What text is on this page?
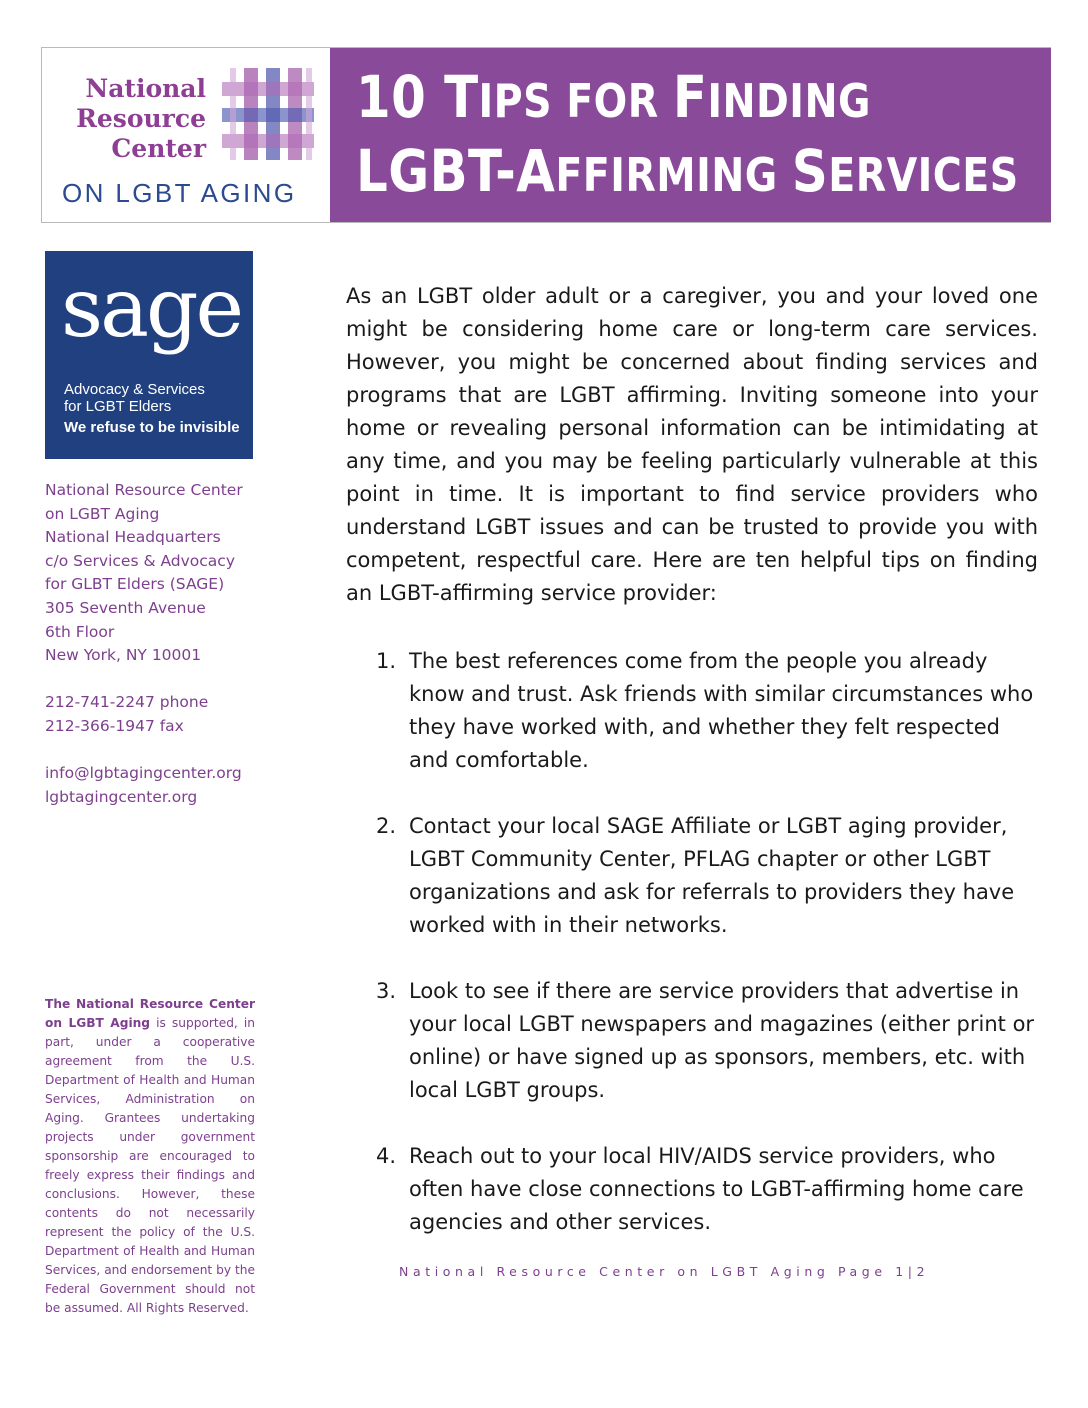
National
Resource
Center
ON LGBT AGING
10 TIPS FOR FINDING
LGBT-AFFIRMING SERVICES
sage
Advocacy & Services
for LGBT Elders
We refuse to be invisible
National Resource Center
on LGBT Aging
National Headquarters
c/o Services & Advocacy
for GLBT Elders (SAGE)
305 Seventh Avenue
6th Floor
New York, NY 10001
212-741-2247 phone
212-366-1947 fax
info@lgbtagingcenter.org
lgbtagingcenter.org
The National Resource Center on LGBT Aging is supported, in part, under a cooperative agreement from the U.S. Department of Health and Human Services, Administration on Aging. Grantees undertaking projects under government sponsorship are encouraged to freely express their findings and conclusions. However, these contents do not necessarily represent the policy of the U.S. Department of Health and Human Services, and endorsement by the Federal Government should not be assumed. All Rights Reserved.
As an LGBT older adult or a caregiver, you and your loved one might be considering home care or long-term care services. However, you might be concerned about finding services and programs that are LGBT affirming. Inviting someone into your home or revealing personal information can be intimidating at any time, and you may be feeling particularly vulnerable at this point in time. It is important to find service providers who understand LGBT issues and can be trusted to provide you with competent, respectful care. Here are ten helpful tips on finding an LGBT-affirming service provider:
1. The best references come from the people you already know and trust. Ask friends with similar circumstances who they have worked with, and whether they felt respected and comfortable.
2. Contact your local SAGE Affiliate or LGBT aging provider, LGBT Community Center, PFLAG chapter or other LGBT organizations and ask for referrals to providers they have worked with in their networks.
3. Look to see if there are service providers that advertise in your local LGBT newspapers and magazines (either print or online) or have signed up as sponsors, members, etc. with local LGBT groups.
4. Reach out to your local HIV/AIDS service providers, who often have close connections to LGBT-affirming home care agencies and other services.
National Resource Center on LGBT Aging Page 1|2
